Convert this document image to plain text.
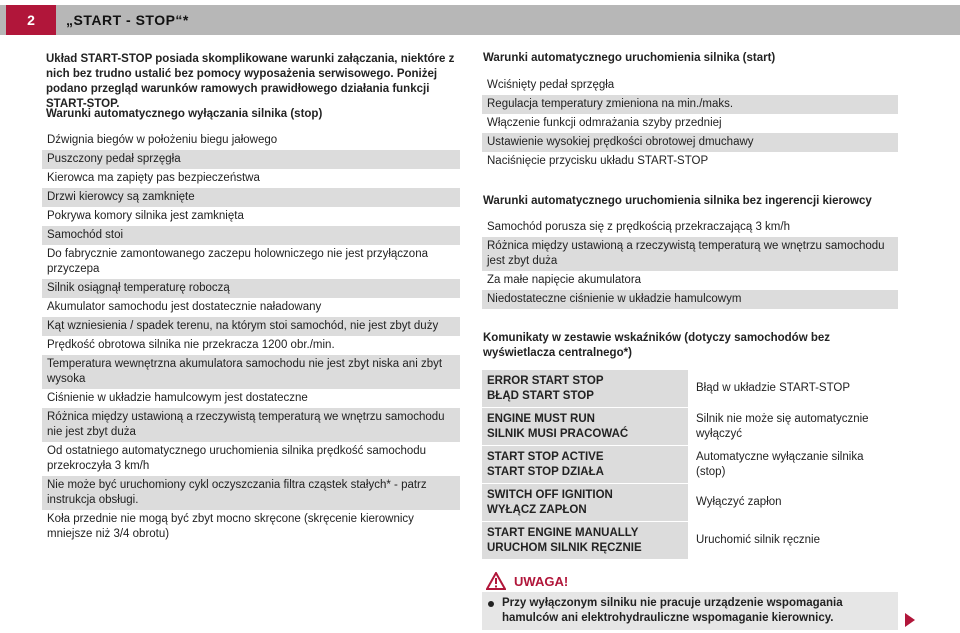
2	„START - STOP“*
Układ START-STOP posiada skomplikowane warunki załączania, niektóre z nich bez trudno ustalić bez pomocy wyposażenia serwisowego. Poniżej podano przegląd warunków ramowych prawidłowego działania funkcji START-STOP.
Warunki automatycznego wyłączania silnika (stop)
Dźwignia biegów w położeniu biegu jałowego
Puszczony pedał sprzęgła
Kierowca ma zapięty pas bezpieczeństwa
Drzwi kierowcy są zamknięte
Pokrywa komory silnika jest zamknięta
Samochód stoi
Do fabrycznie zamontowanego zaczepu holowniczego nie jest przyłączona przyczepa
Silnik osiągnął temperaturę roboczą
Akumulator samochodu jest dostatecznie naładowany
Kąt wzniesienia / spadek terenu, na którym stoi samochód, nie jest zbyt duży
Prędkość obrotowa silnika nie przekracza 1200 obr./min.
Temperatura wewnętrzna akumulatora samochodu nie jest zbyt niska ani zbyt wysoka
Ciśnienie w układzie hamulcowym jest dostateczne
Różnica między ustawioną a rzeczywistą temperaturą we wnętrzu samochodu nie jest zbyt duża
Od ostatniego automatycznego uruchomienia silnika prędkość samochodu przekroczyła 3 km/h
Nie może być uruchomiony cykl oczyszczania filtra cząstek stałych* - patrz instrukcja obsługi.
Koła przednie nie mogą być zbyt mocno skręcone (skręcenie kierownicy mniejsze niż 3/4 obrotu)
Warunki automatycznego uruchomienia silnika (start)
Wciśnięty pedał sprzęgła
Regulacja temperatury zmieniona na min./maks.
Włączenie funkcji odmrażania szyby przedniej
Ustawienie wysokiej prędkości obrotowej dmuchawy
Naciśnięcie przycisku układu START-STOP
Warunki automatycznego uruchomienia silnika bez ingerencji kierowcy
Samochód porusza się z prędkością przekraczającą 3 km/h
Różnica między ustawioną a rzeczywistą temperaturą we wnętrzu samochodu jest zbyt duża
Za małe napięcie akumulatora
Niedostateczne ciśnienie w układzie hamulcowym
Komunikaty w zestawie wskaźników (dotyczy samochodów bez wyświetlacza centralnego*)
ERROR START STOP
BŁĄD START STOP
Błąd w układzie START-STOP
ENGINE MUST RUN
SILNIK MUSI PRACOWAĆ
Silnik nie może się automatycznie wyłączyć
START STOP ACTIVE
START STOP DZIAŁA
Automatyczne wyłączanie silnika (stop)
SWITCH OFF IGNITION
WYŁĄCZ ZAPŁON
Wyłączyć zapłon
START ENGINE MANUALLY
URUCHOM SILNIK RĘCZNIE
Uruchomić silnik ręcznie
UWAGA!
Przy wyłączonym silniku nie pracuje urządzenie wspomagania hamulców ani elektrohydrauliczne wspomaganie kierownicy.
